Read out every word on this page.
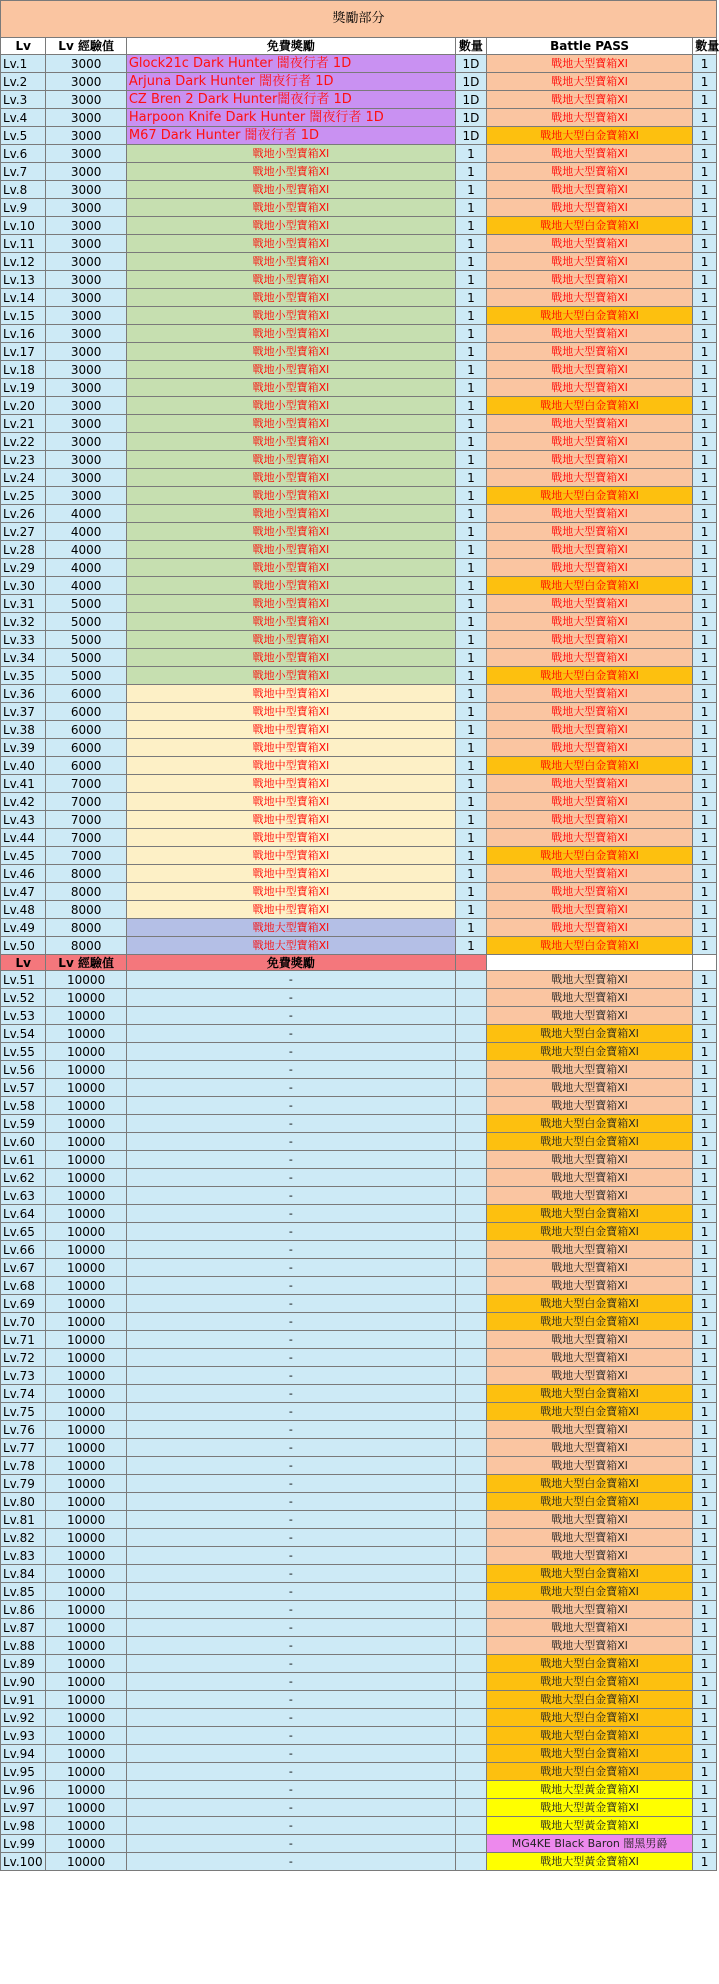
獎勵部分					
Lv	Lv 經驗值	免費獎勵	數量	Battle PASS	數量
Lv.1	3000	Glock21c Dark Hunter 闇夜行者 1D	1D	戰地大型寶箱Xl	1
Lv.2	3000	Arjuna Dark Hunter 闇夜行者 1D	1D	戰地大型寶箱Xl	1
Lv.3	3000	CZ Bren 2 Dark Hunter闇夜行者 1D	1D	戰地大型寶箱Xl	1
Lv.4	3000	Harpoon Knife Dark Hunter 闇夜行者 1D	1D	戰地大型寶箱Xl	1
Lv.5	3000	M67 Dark Hunter 闇夜行者 1D	1D	戰地大型白金寶箱Xl	1
Lv.6	3000	戰地小型寶箱Xl	1	戰地大型寶箱Xl	1
Lv.7	3000	戰地小型寶箱Xl	1	戰地大型寶箱Xl	1
Lv.8	3000	戰地小型寶箱Xl	1	戰地大型寶箱Xl	1
Lv.9	3000	戰地小型寶箱Xl	1	戰地大型寶箱Xl	1
Lv.10	3000	戰地小型寶箱Xl	1	戰地大型白金寶箱Xl	1
Lv.11	3000	戰地小型寶箱Xl	1	戰地大型寶箱Xl	1
Lv.12	3000	戰地小型寶箱Xl	1	戰地大型寶箱Xl	1
Lv.13	3000	戰地小型寶箱Xl	1	戰地大型寶箱Xl	1
Lv.14	3000	戰地小型寶箱Xl	1	戰地大型寶箱Xl	1
Lv.15	3000	戰地小型寶箱Xl	1	戰地大型白金寶箱Xl	1
Lv.16	3000	戰地小型寶箱Xl	1	戰地大型寶箱Xl	1
Lv.17	3000	戰地小型寶箱Xl	1	戰地大型寶箱Xl	1
Lv.18	3000	戰地小型寶箱Xl	1	戰地大型寶箱Xl	1
Lv.19	3000	戰地小型寶箱Xl	1	戰地大型寶箱Xl	1
Lv.20	3000	戰地小型寶箱Xl	1	戰地大型白金寶箱Xl	1
Lv.21	3000	戰地小型寶箱Xl	1	戰地大型寶箱Xl	1
Lv.22	3000	戰地小型寶箱Xl	1	戰地大型寶箱Xl	1
Lv.23	3000	戰地小型寶箱Xl	1	戰地大型寶箱Xl	1
Lv.24	3000	戰地小型寶箱Xl	1	戰地大型寶箱Xl	1
Lv.25	3000	戰地小型寶箱Xl	1	戰地大型白金寶箱Xl	1
Lv.26	4000	戰地小型寶箱Xl	1	戰地大型寶箱Xl	1
Lv.27	4000	戰地小型寶箱Xl	1	戰地大型寶箱Xl	1
Lv.28	4000	戰地小型寶箱Xl	1	戰地大型寶箱Xl	1
Lv.29	4000	戰地小型寶箱Xl	1	戰地大型寶箱Xl	1
Lv.30	4000	戰地小型寶箱Xl	1	戰地大型白金寶箱Xl	1
Lv.31	5000	戰地小型寶箱Xl	1	戰地大型寶箱Xl	1
Lv.32	5000	戰地小型寶箱Xl	1	戰地大型寶箱Xl	1
Lv.33	5000	戰地小型寶箱Xl	1	戰地大型寶箱Xl	1
Lv.34	5000	戰地小型寶箱Xl	1	戰地大型寶箱Xl	1
Lv.35	5000	戰地小型寶箱Xl	1	戰地大型白金寶箱Xl	1
Lv.36	6000	戰地中型寶箱Xl	1	戰地大型寶箱Xl	1
Lv.37	6000	戰地中型寶箱Xl	1	戰地大型寶箱Xl	1
Lv.38	6000	戰地中型寶箱Xl	1	戰地大型寶箱Xl	1
Lv.39	6000	戰地中型寶箱Xl	1	戰地大型寶箱Xl	1
Lv.40	6000	戰地中型寶箱Xl	1	戰地大型白金寶箱Xl	1
Lv.41	7000	戰地中型寶箱Xl	1	戰地大型寶箱Xl	1
Lv.42	7000	戰地中型寶箱Xl	1	戰地大型寶箱Xl	1
Lv.43	7000	戰地中型寶箱Xl	1	戰地大型寶箱Xl	1
Lv.44	7000	戰地中型寶箱Xl	1	戰地大型寶箱Xl	1
Lv.45	7000	戰地中型寶箱Xl	1	戰地大型白金寶箱Xl	1
Lv.46	8000	戰地中型寶箱Xl	1	戰地大型寶箱Xl	1
Lv.47	8000	戰地中型寶箱Xl	1	戰地大型寶箱Xl	1
Lv.48	8000	戰地中型寶箱Xl	1	戰地大型寶箱Xl	1
Lv.49	8000	戰地大型寶箱Xl	1	戰地大型寶箱Xl	1
Lv.50	8000	戰地大型寶箱Xl	1	戰地大型白金寶箱Xl	1
Lv	Lv 經驗值	免費獎勵			
Lv.51	10000	-		戰地大型寶箱Xl	1
Lv.52	10000	-		戰地大型寶箱Xl	1
Lv.53	10000	-		戰地大型寶箱Xl	1
Lv.54	10000	-		戰地大型白金寶箱Xl	1
Lv.55	10000	-		戰地大型白金寶箱Xl	1
Lv.56	10000	-		戰地大型寶箱Xl	1
Lv.57	10000	-		戰地大型寶箱Xl	1
Lv.58	10000	-		戰地大型寶箱Xl	1
Lv.59	10000	-		戰地大型白金寶箱Xl	1
Lv.60	10000	-		戰地大型白金寶箱Xl	1
Lv.61	10000	-		戰地大型寶箱Xl	1
Lv.62	10000	-		戰地大型寶箱Xl	1
Lv.63	10000	-		戰地大型寶箱Xl	1
Lv.64	10000	-		戰地大型白金寶箱Xl	1
Lv.65	10000	-		戰地大型白金寶箱Xl	1
Lv.66	10000	-		戰地大型寶箱Xl	1
Lv.67	10000	-		戰地大型寶箱Xl	1
Lv.68	10000	-		戰地大型寶箱Xl	1
Lv.69	10000	-		戰地大型白金寶箱Xl	1
Lv.70	10000	-		戰地大型白金寶箱Xl	1
Lv.71	10000	-		戰地大型寶箱Xl	1
Lv.72	10000	-		戰地大型寶箱Xl	1
Lv.73	10000	-		戰地大型寶箱Xl	1
Lv.74	10000	-		戰地大型白金寶箱Xl	1
Lv.75	10000	-		戰地大型白金寶箱Xl	1
Lv.76	10000	-		戰地大型寶箱Xl	1
Lv.77	10000	-		戰地大型寶箱Xl	1
Lv.78	10000	-		戰地大型寶箱Xl	1
Lv.79	10000	-		戰地大型白金寶箱Xl	1
Lv.80	10000	-		戰地大型白金寶箱Xl	1
Lv.81	10000	-		戰地大型寶箱Xl	1
Lv.82	10000	-		戰地大型寶箱Xl	1
Lv.83	10000	-		戰地大型寶箱Xl	1
Lv.84	10000	-		戰地大型白金寶箱Xl	1
Lv.85	10000	-		戰地大型白金寶箱Xl	1
Lv.86	10000	-		戰地大型寶箱Xl	1
Lv.87	10000	-		戰地大型寶箱Xl	1
Lv.88	10000	-		戰地大型寶箱Xl	1
Lv.89	10000	-		戰地大型白金寶箱Xl	1
Lv.90	10000	-		戰地大型白金寶箱Xl	1
Lv.91	10000	-		戰地大型白金寶箱Xl	1
Lv.92	10000	-		戰地大型白金寶箱Xl	1
Lv.93	10000	-		戰地大型白金寶箱Xl	1
Lv.94	10000	-		戰地大型白金寶箱Xl	1
Lv.95	10000	-		戰地大型白金寶箱Xl	1
Lv.96	10000	-		戰地大型黃金寶箱Xl	1
Lv.97	10000	-		戰地大型黃金寶箱Xl	1
Lv.98	10000	-		戰地大型黃金寶箱Xl	1
Lv.99	10000	-		MG4KE Black Baron 闇黑男爵	1
Lv.100	10000	-		戰地大型黃金寶箱Xl	1
